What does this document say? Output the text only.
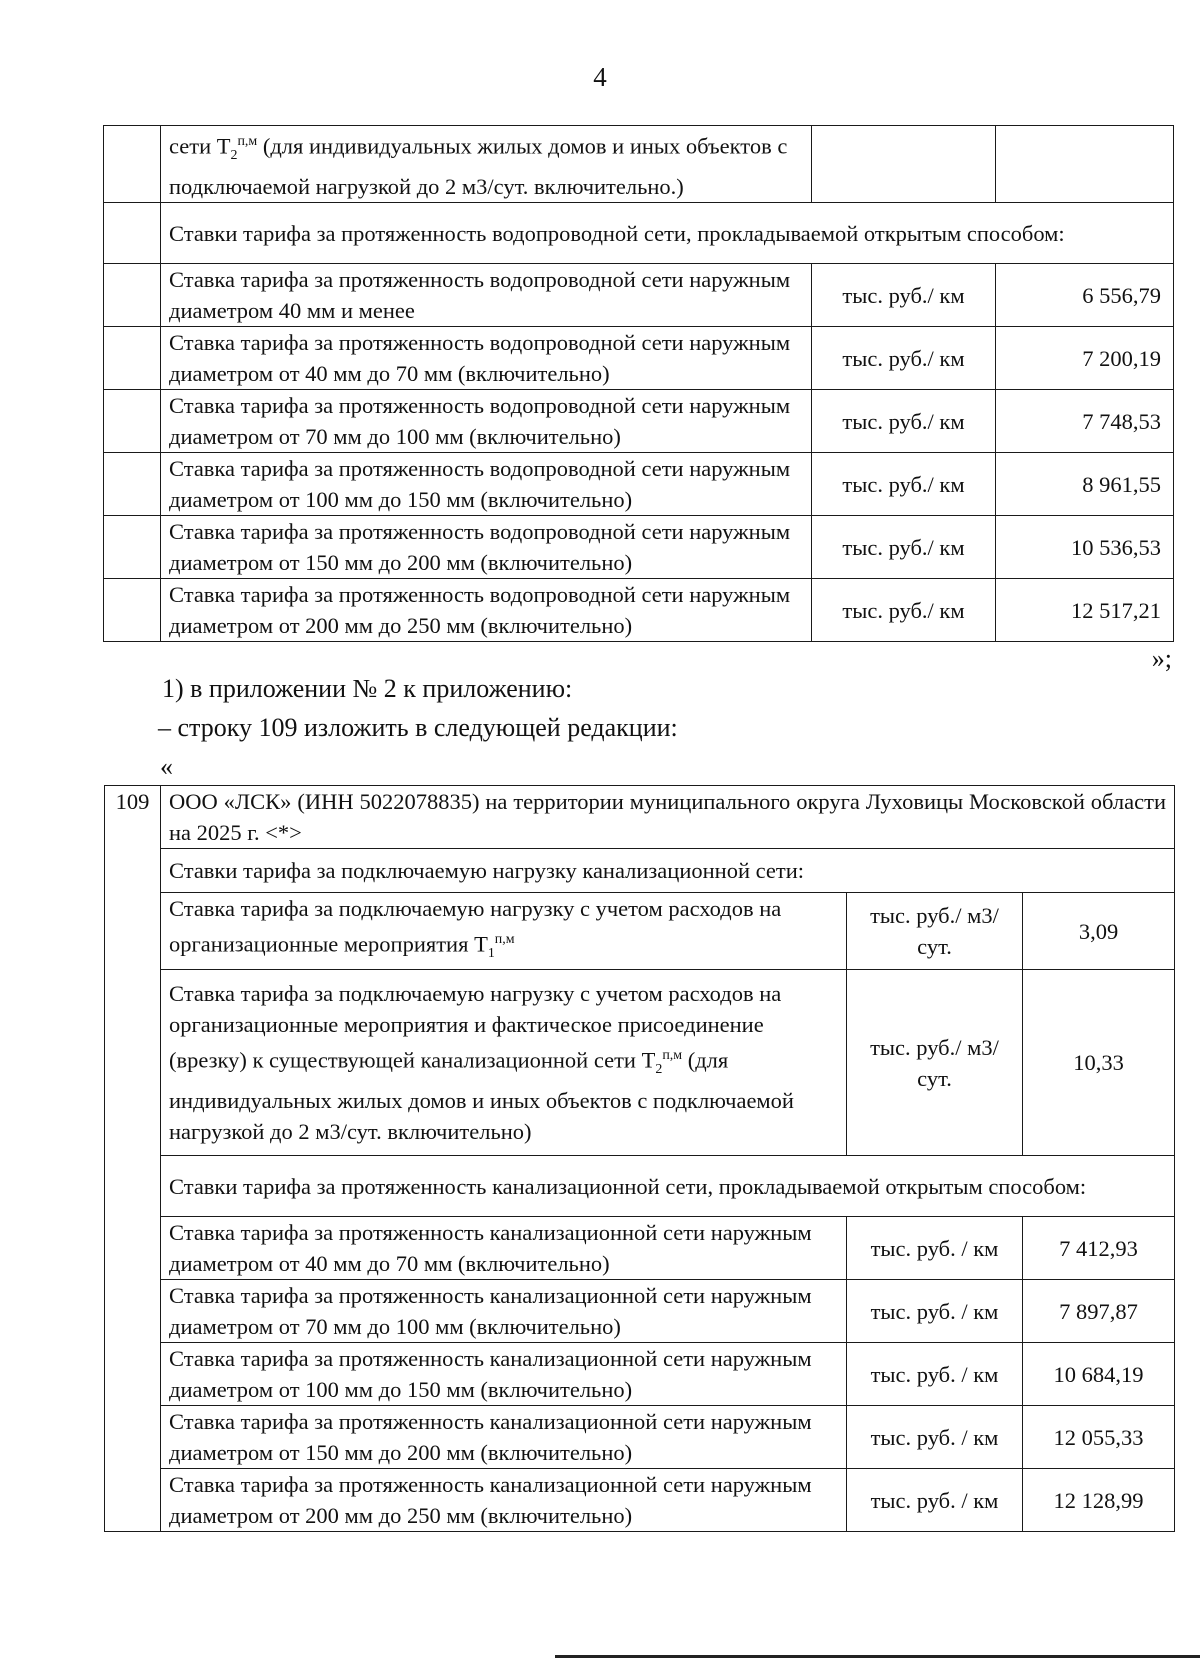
4
	сети $Т_2^{п,м}$ (для индивидуальных жилых домов и иных объектов с подключаемой нагрузкой до 2 м3/сут. включительно.)		
	Ставки тарифа за протяженность водопроводной сети, прокладываемой открытым способом:		
	Ставка тарифа за протяженность водопроводной сети наружным диаметром 40 мм и менее	тыс. руб./ км	6 556,79
	Ставка тарифа за протяженность водопроводной сети наружным диаметром от 40 мм до 70 мм (включительно)	тыс. руб./ км	7 200,19
	Ставка тарифа за протяженность водопроводной сети наружным диаметром от 70 мм до 100 мм (включительно)	тыс. руб./ км	7 748,53
	Ставка тарифа за протяженность водопроводной сети наружным диаметром от 100 мм до 150 мм (включительно)	тыс. руб./ км	8 961,55
	Ставка тарифа за протяженность водопроводной сети наружным диаметром от 150 мм до 200 мм (включительно)	тыс. руб./ км	10 536,53
	Ставка тарифа за протяженность водопроводной сети наружным диаметром от 200 мм до 250 мм (включительно)	тыс. руб./ км	12 517,21
»;
1) в приложении № 2 к приложению:
– строку 109 изложить в следующей редакции:
«
109	ООО «ЛСК» (ИНН 5022078835) на территории муниципального округа Луховицы Московской области на 2025 г. <*>		
	Ставки тарифа за подключаемую нагрузку канализационной сети:		
	Ставка тарифа за подключаемую нагрузку с учетом расходов на организационные мероприятия $Т_1^{п,м}$	тыс. руб./ м3/сут.	3,09
	Ставка тарифа за подключаемую нагрузку с учетом расходов на организационные мероприятия и фактическое присоединение (врезку) к существующей канализационной сети $Т_2^{п,м}$ (для индивидуальных жилых домов и иных объектов с подключаемой нагрузкой до 2 м3/сут. включительно)	тыс. руб./ м3/сут.	10,33
	Ставки тарифа за протяженность канализационной сети, прокладываемой открытым способом:		
	Ставка тарифа за протяженность канализационной сети наружным диаметром от 40 мм до 70 мм (включительно)	тыс. руб. / км	7 412,93
	Ставка тарифа за протяженность канализационной сети наружным диаметром от 70 мм до 100 мм (включительно)	тыс. руб. / км	7 897,87
	Ставка тарифа за протяженность канализационной сети наружным диаметром от 100 мм до 150 мм (включительно)	тыс. руб. / км	10 684,19
	Ставка тарифа за протяженность канализационной сети наружным диаметром от 150 мм до 200 мм (включительно)	тыс. руб. / км	12 055,33
	Ставка тарифа за протяженность канализационной сети наружным диаметром от 200 мм до 250 мм (включительно)	тыс. руб. / км	12 128,99
